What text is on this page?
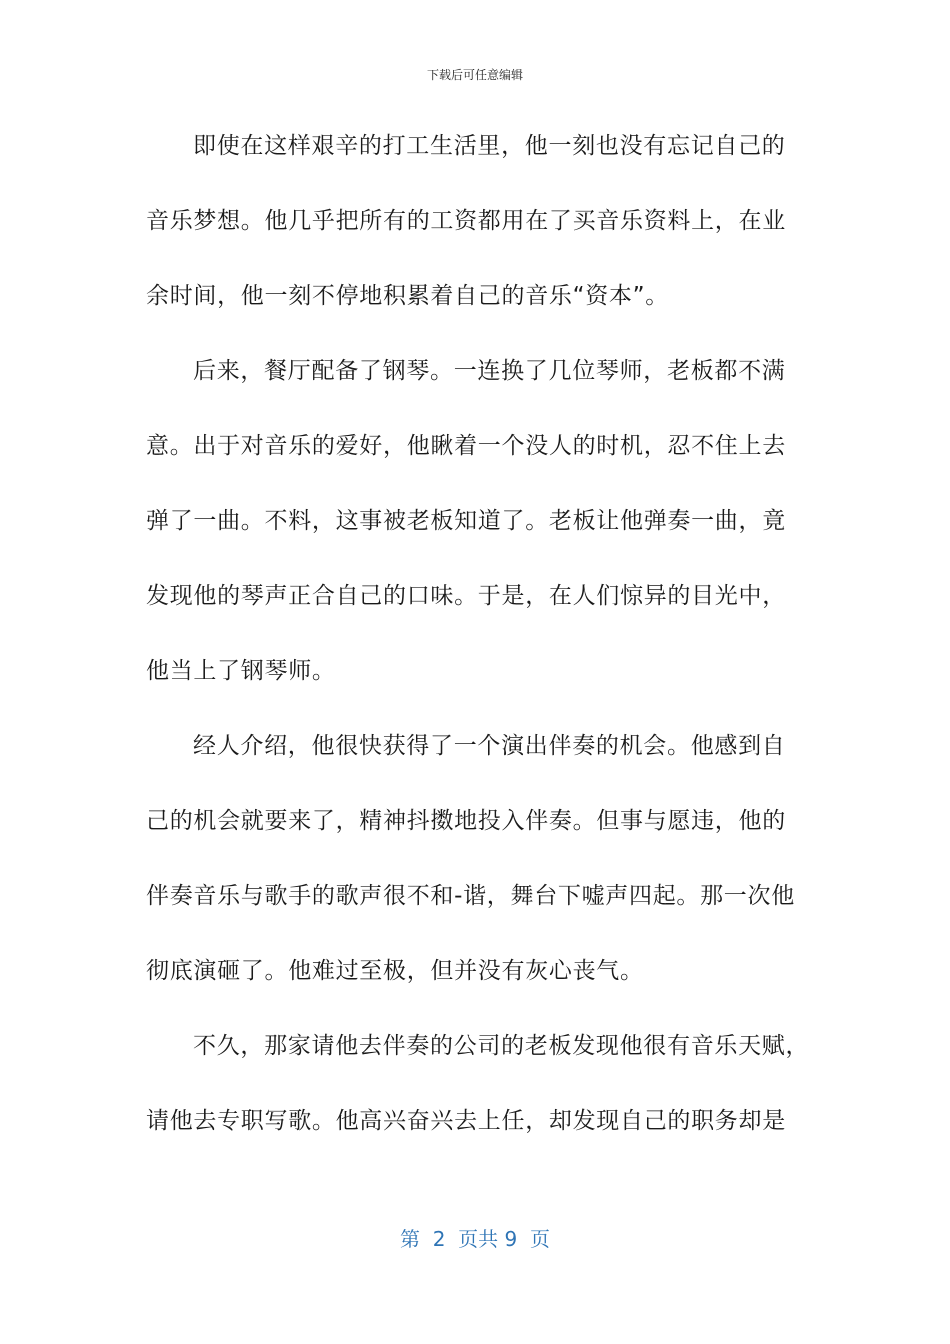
下载后可任意编辑
即使在这样艰辛的打工生活里，他一刻也没有忘记自己的
音乐梦想。他几乎把所有的工资都用在了买音乐资料上，在业
余时间，他一刻不停地积累着自己的音乐“资本”。
后来，餐厅配备了钢琴。一连换了几位琴师，老板都不满
意。出于对音乐的爱好，他瞅着一个没人的时机，忍不住上去
弹了一曲。不料，这事被老板知道了。老板让他弹奏一曲，竟
发现他的琴声正合自己的口味。于是，在人们惊异的目光中，
他当上了钢琴师。
经人介绍，他很快获得了一个演出伴奏的机会。他感到自
己的机会就要来了，精神抖擞地投入伴奏。但事与愿违，他的
伴奏音乐与歌手的歌声很不和-谐，舞台下嘘声四起。那一次他
彻底演砸了。他难过至极，但并没有灰心丧气。
不久，那家请他去伴奏的公司的老板发现他很有音乐天赋，
请他去专职写歌。他高兴奋兴去上任，却发现自己的职务却是
第  2  页共 9  页
